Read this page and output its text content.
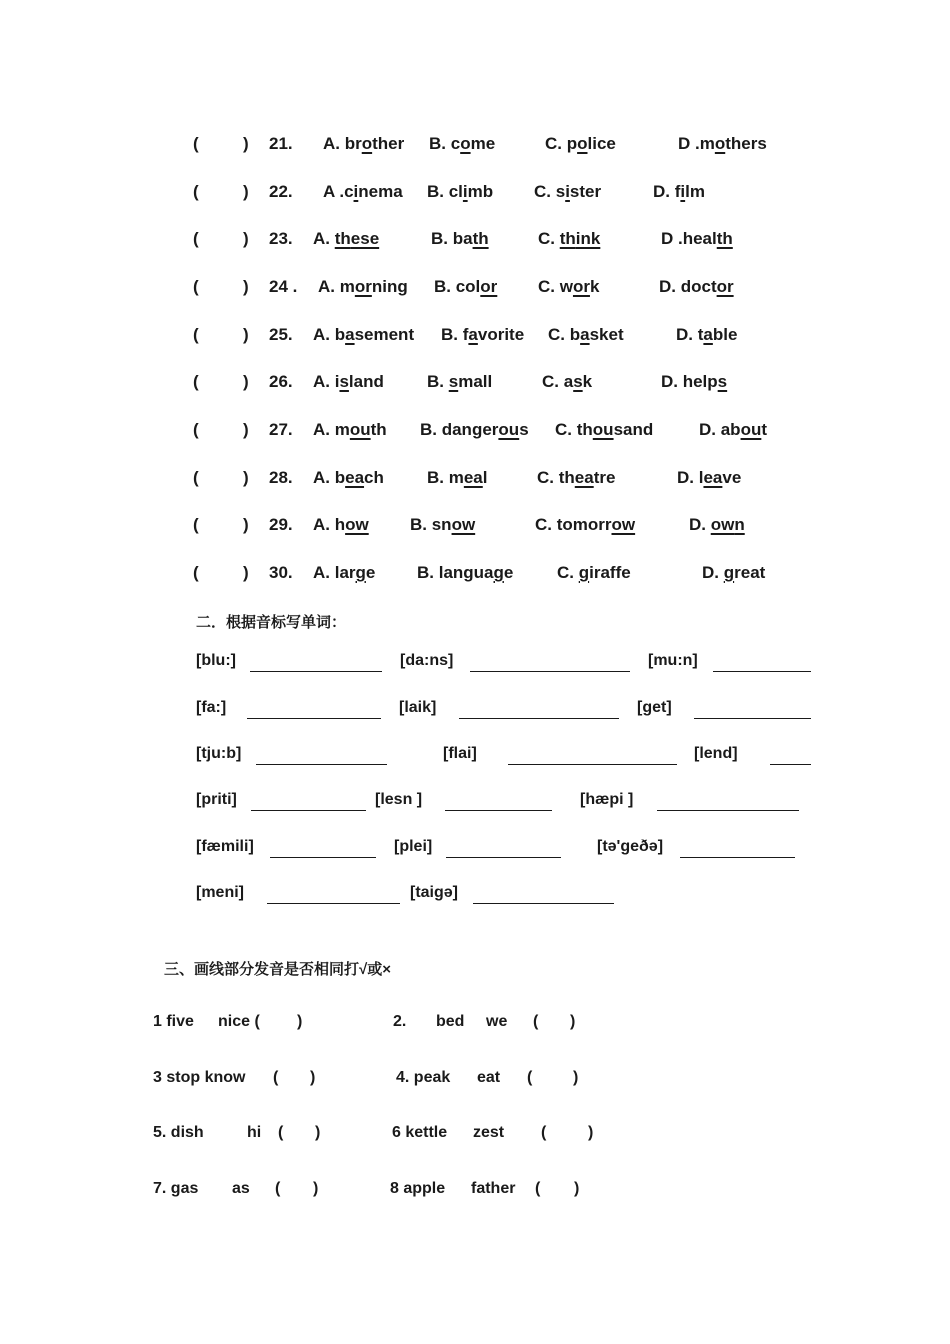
(	) 21. A. brother B. come	C. police	D .mothers
(	) 22. A .cinema B. climb C. sister	D. film
(	) 23. A. these	B. bath	C. think	D .health
(	) 24 . A. morning B. color C. work	D. doctor
(	) 25. A. basement B. favorite C. basket	D. table
(	) 26. A. island	B. small	C. ask	D. helps
(	) 27. A. mouth B. dangerous C. thousand	D. about
(	) 28. A. beach	B. meal	C. theatre	D. leave
(	) 29. A. how B. snow	C. tomorrow	D. own
(	) 30. A. large B. language	C. giraffe	D. great
二．根据音标写单词：
[blu:]	[da:ns]	[mu:n]
[fa:]	[laik]	[get]
[tju:b]	[flai]	[lend]
[priti]	[lesn ]	[hæpi ]
[fæmili]	[plei]	[tə'geðə]
[meni]	[taigə]
三、画线部分发音是否相同打√或×
1 five nice ( )	2. bed we ( )
3 stop know ( )	4. peak eat (	)
5. dish	hi ( )	6 kettle zest (	)
7. gas as ( )	8 apple father ( )
